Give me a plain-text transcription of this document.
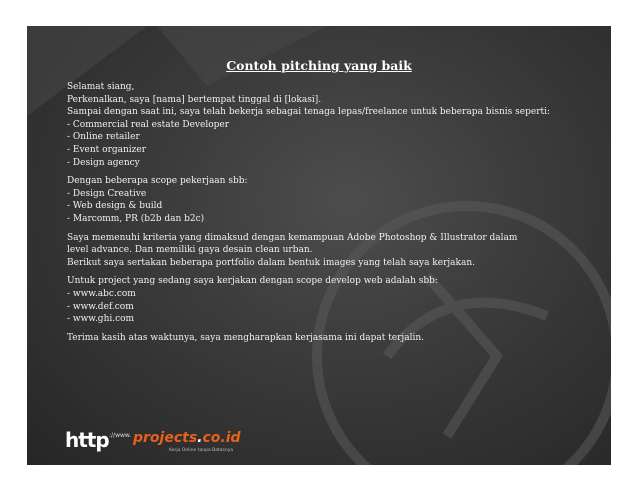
Contoh pitching yang baik

Selamat siang,

Perkenalkan, saya [nama] bertempat tinggal di [lokasi].

Sampai dengan saat ini, saya telah bekerja sebagai tenaga lepas/freelance untuk beberapa bisnis seperti:

- Commercial real estate Developer

- Online retailer

- Event organizer

- Design agency

Dengan beberapa scope pekerjaan sbb:

- Design Creative

- Web design & build

- Marcomm, PR (b2b dan b2c)

Saya memenuhi kriteria yang dimaksud dengan kemampuan Adobe Photoshop & Illustrator dalam

level advance. Dan memiliki gaya desain clean urban.

Berikut saya sertakan beberapa portfolio dalam bentuk images yang telah saya kerjakan.

Untuk project yang sedang saya kerjakan dengan scope develop web adalah sbb:

- www.abc.com

- www.def.com

- www.ghi.com

Terima kasih atas waktunya, saya mengharapkan kerjasama ini dapat terjalin.

http ://www. projects.co.id
Kerja Online tanpa Batasnya
